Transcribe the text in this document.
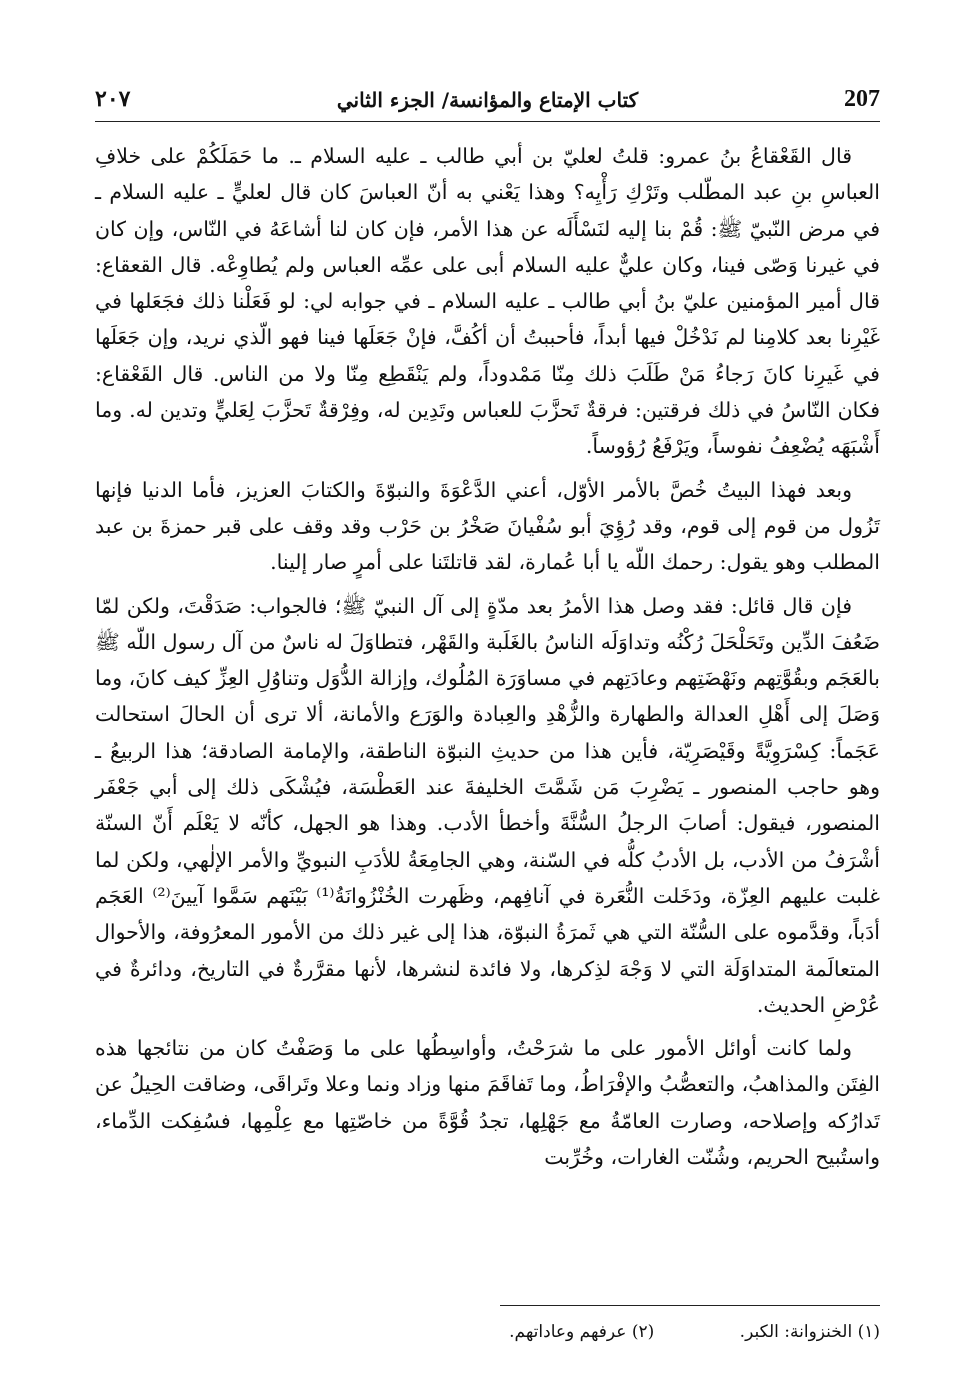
207
كتاب الإمتاع والمؤانسة/ الجزء الثاني
٢٠٧

قال القَعْقاعُ بنُ عمرو: قلتُ لعليّ بن أبي طالب ـ عليه السلام ـ. ما حَمَلَكُمْ على خلافِ العباسِ بنِ عبد المطّلب وتَرْكِ رَأْيِه؟ وهذا يَعْني به أنّ العباسَ كان قال لعليٍّ ـ عليه السلام ـ في مرض النّبيّ ﷺ: قُمْ بنا إليه لنَسْأَلَه عن هذا الأمر، فإن كان لنا أشاعَهُ في النّاس، وإن كان في غيرنا وَصّى فينا، وكان عليٌّ عليه السلام أبى على عمِّه العباس ولم يُطاوِعْه. قال القعقاع: قال أمير المؤمنين عليّ بنُ أبي طالب ـ عليه السلام ـ في جوابه لي: لو فَعَلْنا ذلك فجَعَلها في غَيْرِنا بعد كلامِنا لم نَدْخُلْ فيها أبداً، فأحببتُ أن أكُفَّ، فإنْ جَعَلَها فينا فهو الّذي نريد، وإن جَعَلَها في غَيرِنا كانَ رَجاءُ مَنْ طَلَبَ ذلك مِنّا مَمْدوداً، ولم يَنْقَطِع مِنّا ولا من الناس. قال القَعْقاع: فكان النّاسُ في ذلك فرقتين: فرقةٌ تَحزَّبَ للعباس وتَدِين له، وفِرْقةٌ تَحزَّبَ لِعَليٍّ وتدين له. وما أَشْبَهَه يُضْعِفُ نفوساً، ويَرْفَعُ رُؤوساً.

وبعد فهذا البيتُ خُصَّ بالأمر الأوّل، أعني الدَّعْوَةَ والنبوّةَ والكتابَ العزيز، فأما الدنيا فإنها تَزُول من قوم إلى قوم، وقد رُؤِيَ أبو سُفْيانَ صَخْرُ بن حَرْب وقد وقف على قبر حمزةَ بن عبد المطلب وهو يقول: رحمك اللّه يا أبا عُمارة، لقد قاتلتَنا على أمرٍ صار إلينا.

فإن قال قائل: فقد وصل هذا الأمرُ بعد مدّةٍ إلى آل النبيّ ﷺ؛ فالجواب: صَدَقْتَ، ولكن لمّا ضَعُفَ الدِّين وتَحَلْحَلَ رُكْنُه وتداوَلَه الناسُ بالغَلَبة والقَهْر، فتطاوَلَ له ناسٌ من آل رسول اللّه ﷺ بالعَجَم وبقُوَّتِهم ونَهْضَتِهم وعادَتِهم في مساوَرَة المُلُوك، وإزالة الدُّوَل وتناوُلِ العِزِّ كيف كانَ، وما وَصَلَ إلى أَهْلِ العدالة والطهارة والزُّهْدِ والعِبادة والوَرَع والأمانة، ألا ترى أن الحالَ استحالت عَجَماً: كِسْرَوِيَّةً وقَيْصَرِيّة، فأين هذا من حديثِ النبوّة الناطقة، والإمامة الصادقة؛ هذا الربيعُ ـ وهو حاجب المنصور ـ يَضْرِبَ مَن شَمَّتَ الخليفةَ عند العَطْسَة، فيُشْكَى ذلك إلى أبي جَعْفَر المنصور، فيقول: أصابَ الرجلُ السُّنَّةَ وأخطأ الأدب. وهذا هو الجهل، كأنّه لا يَعْلَم أَنّ السنّة أشْرَفُ من الأدب، بل الأدبُ كلُّه في السّنة، وهي الجامِعَةُ للأدَبِ النبويِّ والأمر الإلٰهي، ولكن لما غلبت عليهم العِزّة، ودَخَلت النُّعَرة في آنافِهم، وظَهرت الخُنْزُوانَةُ⁽¹⁾ بَيْنَهم سَمَّوا آيينَ⁽²⁾ العَجَم أدَباً، وقدَّموه على السُّنّة التي هي ثَمرَةُ النبوّة، هذا إلى غير ذلك من الأمور المعرُوفة، والأحوال المتعالَمة المتداوَلَة التي لا وَجْهَ لذِكرها، ولا فائدة لنشرها، لأنها مقرَّرةٌ في التاريخ، ودائرةٌ في عُرْضِ الحديث.

ولما كانت أوائل الأمور على ما شرَحْتُ، وأواسِطُها على ما وَصَفْتُ كان من نتائجها هذه الفِتَن والمذاهبُ، والتعصُّبُ والإفْرَاطُ، وما تَفاقَمَ منها وزاد ونما وعلا وتَراقَى، وضاقت الحِيلُ عن تَدارُكه وإصلاحه، وصارت العامّةُ مع جَهْلِها، تجدُ قُوَّةً من خاصّتِها مع عِلْمِها، فسُفِكت الدِّماء، واستُبيح الحريم، وشُنّت الغارات، وخُرِّبت

(١) الخنزوانة: الكبر. (٢) عرفهم وعاداتهم.
